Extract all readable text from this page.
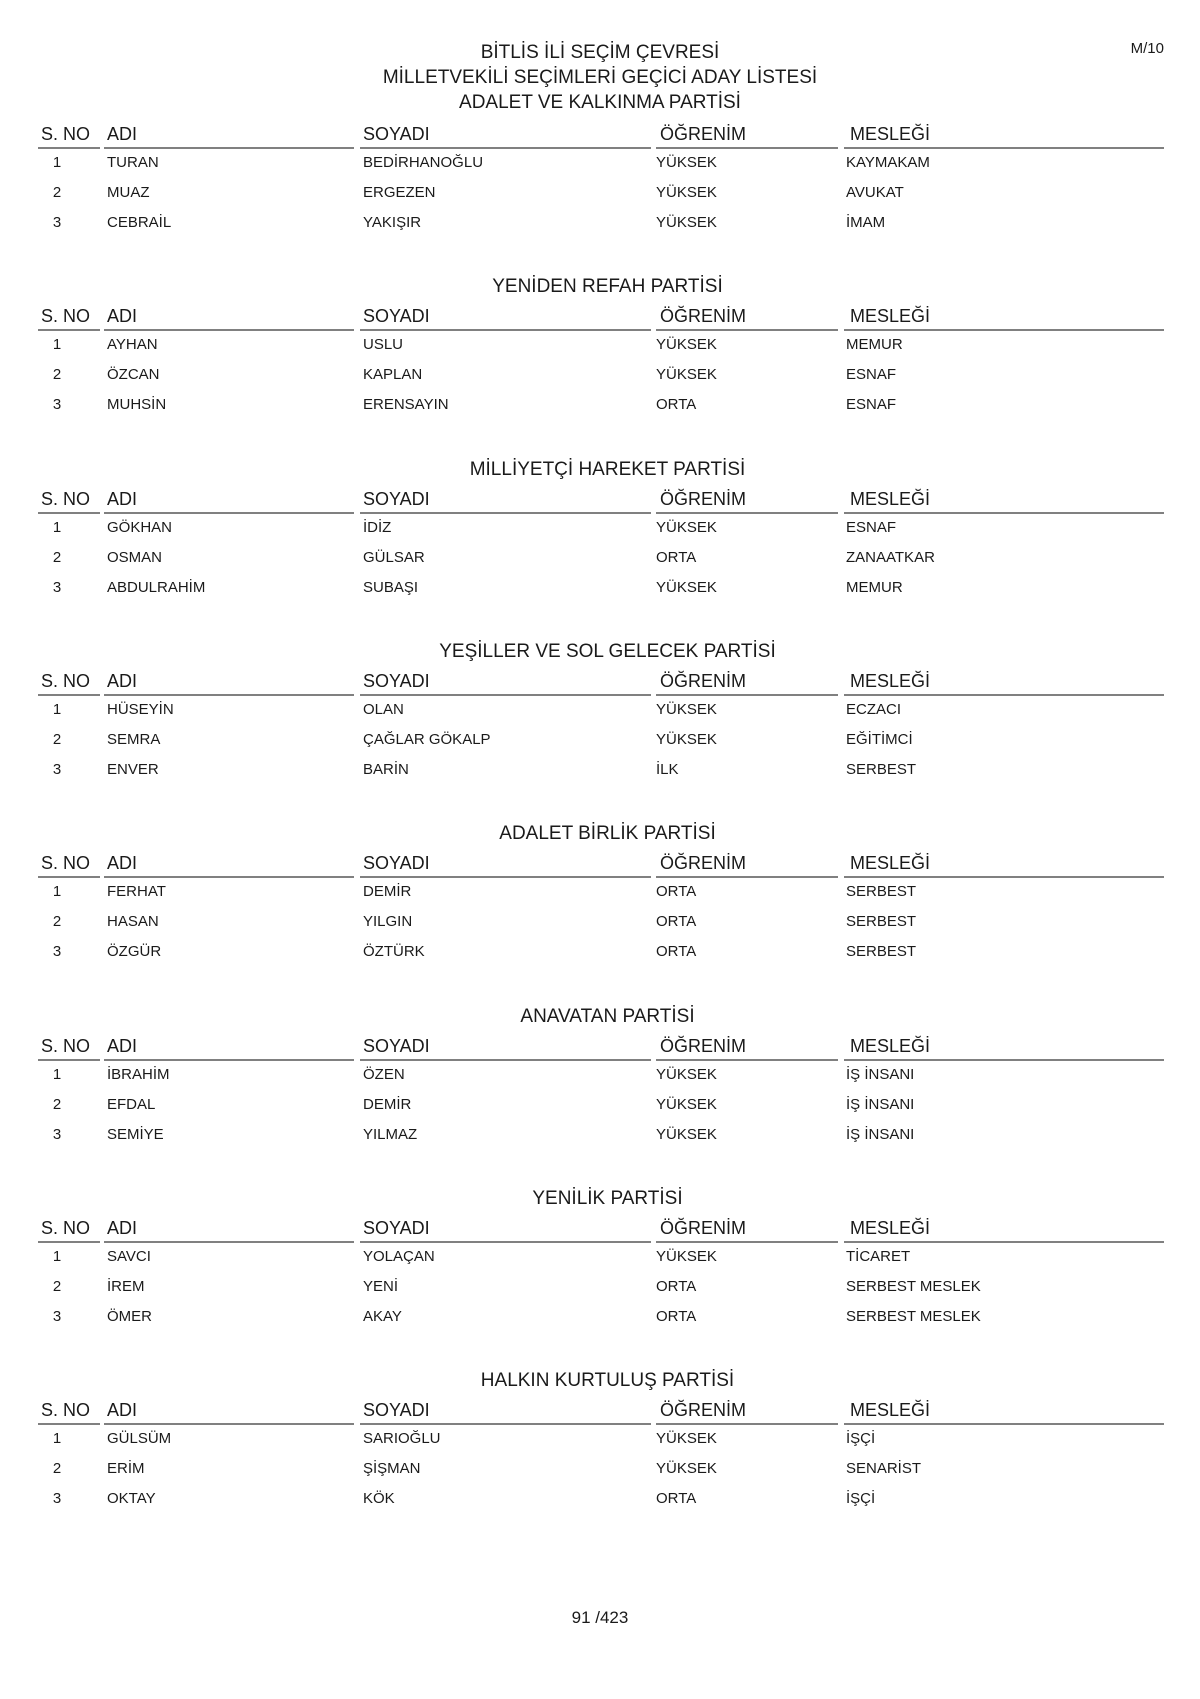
M/10
BİTLİS İLİ SEÇİM ÇEVRESİ
MİLLETVEKİLİ SEÇİMLERİ GEÇİCİ ADAY LİSTESİ
ADALET VE KALKINMA PARTİSİ
S. NO ADI	SOYADI	ÖĞRENİM	MESLEĞİ
1	TURAN	BEDİRHANOĞLU	YÜKSEK	KAYMAKAM
2	MUAZ	ERGEZEN	YÜKSEK	AVUKAT
3	CEBRAİL	YAKIŞIR	YÜKSEK	İMAM
YENİDEN REFAH PARTİSİ
S. NO ADI	SOYADI	ÖĞRENİM	MESLEĞİ
1	AYHAN	USLU	YÜKSEK	MEMUR
2	ÖZCAN	KAPLAN	YÜKSEK	ESNAF
3	MUHSİN	ERENSAYIN	ORTA	ESNAF
MİLLİYETÇİ HAREKET PARTİSİ
S. NO ADI	SOYADI	ÖĞRENİM	MESLEĞİ
1	GÖKHAN	İDİZ	YÜKSEK	ESNAF
2	OSMAN	GÜLSAR	ORTA	ZANAATKAR
3	ABDULRAHİM	SUBAŞI	YÜKSEK	MEMUR
YEŞİLLER VE SOL GELECEK PARTİSİ
S. NO ADI	SOYADI	ÖĞRENİM	MESLEĞİ
1	HÜSEYİN	OLAN	YÜKSEK	ECZACI
2	SEMRA	ÇAĞLAR GÖKALP	YÜKSEK	EĞİTİMCİ
3	ENVER	BARİN	İLK	SERBEST
ADALET BİRLİK PARTİSİ
S. NO ADI	SOYADI	ÖĞRENİM	MESLEĞİ
1	FERHAT	DEMİR	ORTA	SERBEST
2	HASAN	YILGIN	ORTA	SERBEST
3	ÖZGÜR	ÖZTÜRK	ORTA	SERBEST
ANAVATAN PARTİSİ
S. NO ADI	SOYADI	ÖĞRENİM	MESLEĞİ
1	İBRAHİM	ÖZEN	YÜKSEK	İŞ İNSANI
2	EFDAL	DEMİR	YÜKSEK	İŞ İNSANI
3	SEMİYE	YILMAZ	YÜKSEK	İŞ İNSANI
YENİLİK PARTİSİ
S. NO ADI	SOYADI	ÖĞRENİM	MESLEĞİ
1	SAVCI	YOLAÇAN	YÜKSEK	TİCARET
2	İREM	YENİ	ORTA	SERBEST MESLEK
3	ÖMER	AKAY	ORTA	SERBEST MESLEK
HALKIN KURTULUŞ PARTİSİ
S. NO ADI	SOYADI	ÖĞRENİM	MESLEĞİ
1	GÜLSÜM	SARIOĞLU	YÜKSEK	İŞÇİ
2	ERİM	ŞİŞMAN	YÜKSEK	SENARİST
3	OKTAY	KÖK	ORTA	İŞÇİ
91 /423
